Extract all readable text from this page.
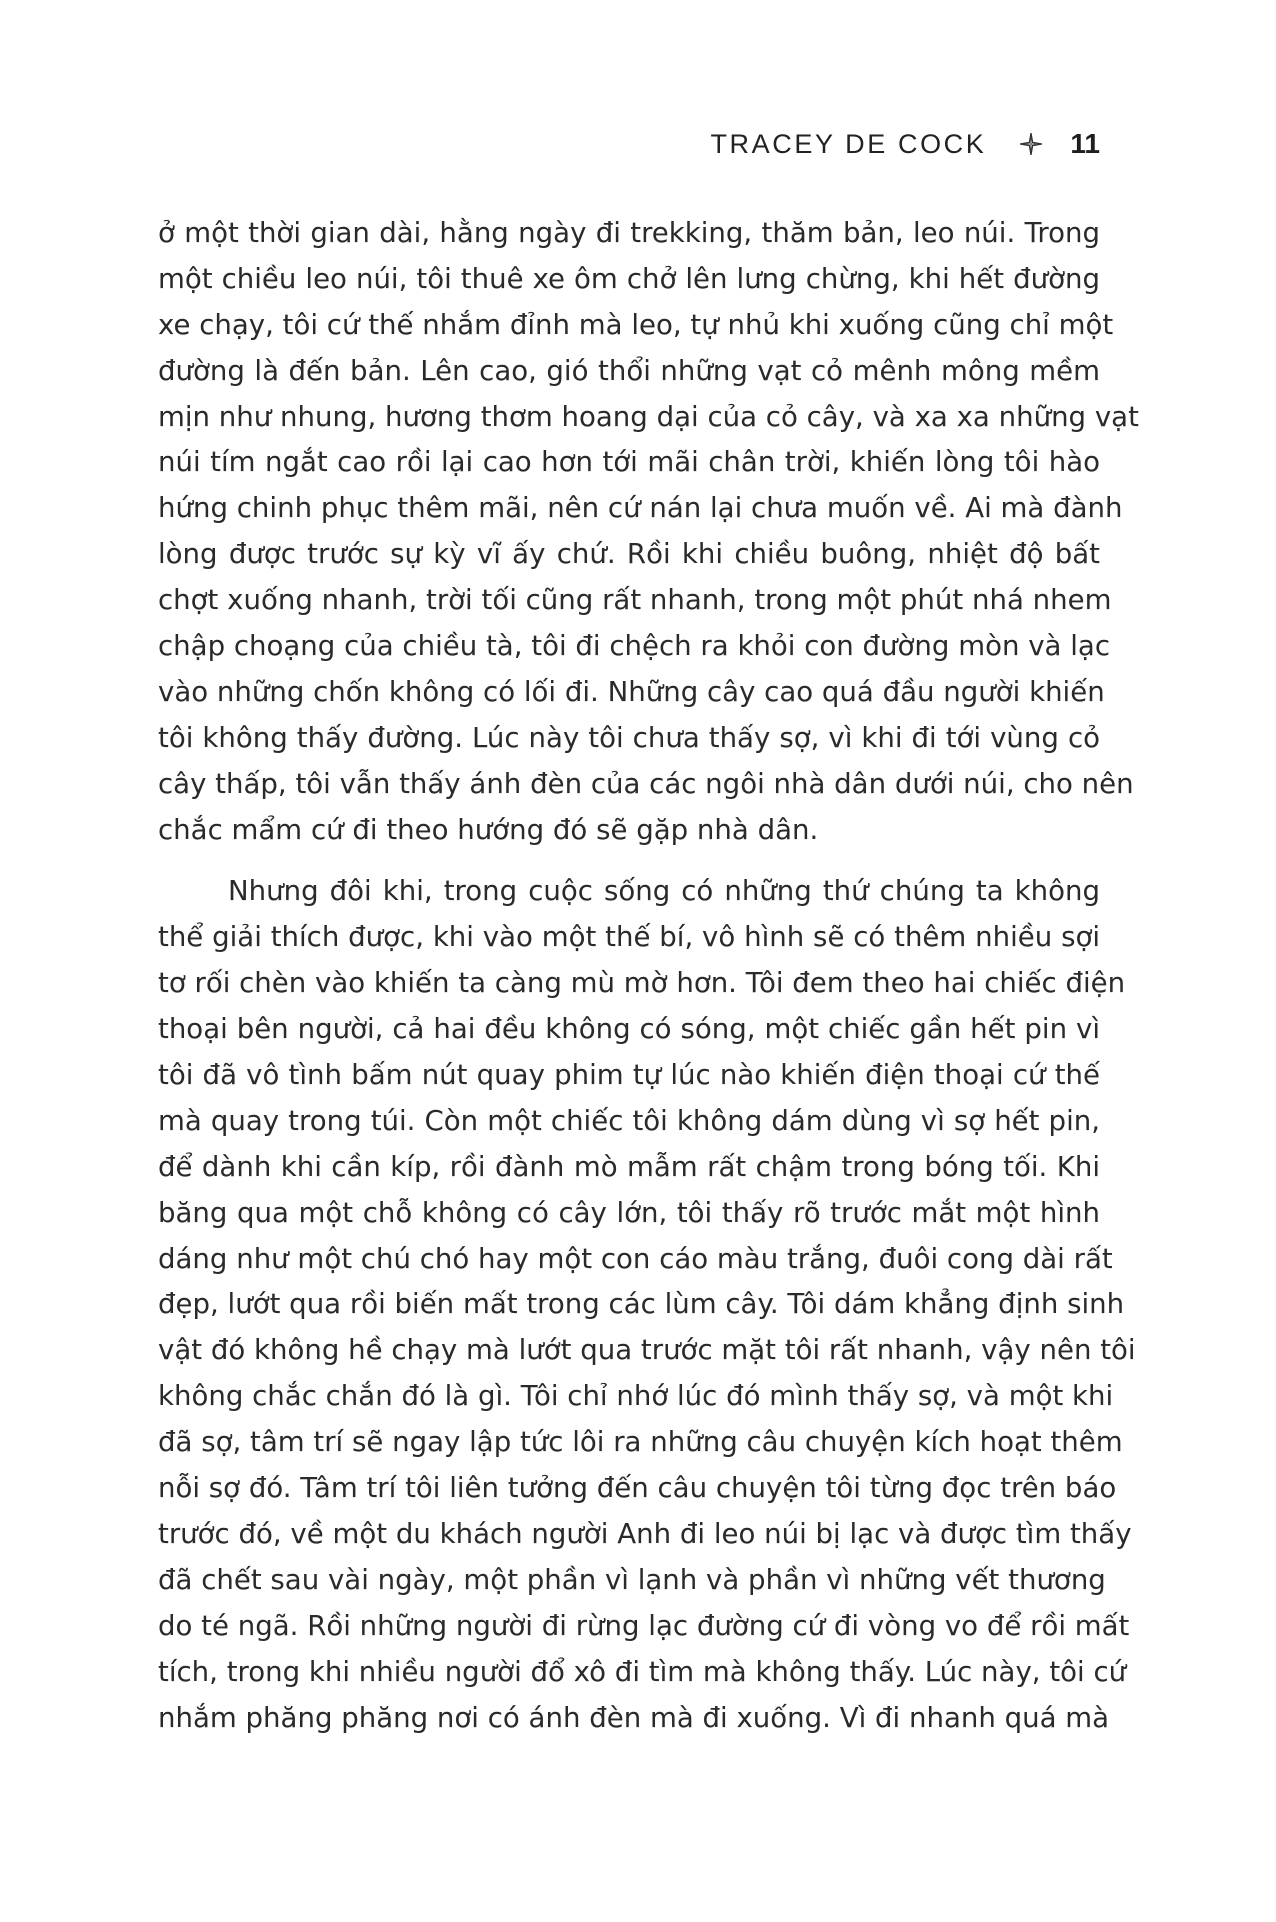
TRACEY DE COCK	11
ở một thời gian dài, hằng ngày đi trekking, thăm bản, leo núi. Trong
một chiều leo núi, tôi thuê xe ôm chở lên lưng chừng, khi hết đường
xe chạy, tôi cứ thế nhắm đỉnh mà leo, tự nhủ khi xuống cũng chỉ một
đường là đến bản. Lên cao, gió thổi những vạt cỏ mênh mông mềm
mịn như nhung, hương thơm hoang dại của cỏ cây, và xa xa những vạt
núi tím ngắt cao rồi lại cao hơn tới mãi chân trời, khiến lòng tôi hào
hứng chinh phục thêm mãi, nên cứ nán lại chưa muốn về. Ai mà đành
lòng được trước sự kỳ vĩ ấy chứ. Rồi khi chiều buông, nhiệt độ bất
chợt xuống nhanh, trời tối cũng rất nhanh, trong một phút nhá nhem
chập choạng của chiều tà, tôi đi chệch ra khỏi con đường mòn và lạc
vào những chốn không có lối đi. Những cây cao quá đầu người khiến
tôi không thấy đường. Lúc này tôi chưa thấy sợ, vì khi đi tới vùng cỏ
cây thấp, tôi vẫn thấy ánh đèn của các ngôi nhà dân dưới núi, cho nên
chắc mẩm cứ đi theo hướng đó sẽ gặp nhà dân.
Nhưng đôi khi, trong cuộc sống có những thứ chúng ta không
thể giải thích được, khi vào một thế bí, vô hình sẽ có thêm nhiều sợi
tơ rối chèn vào khiến ta càng mù mờ hơn. Tôi đem theo hai chiếc điện
thoại bên người, cả hai đều không có sóng, một chiếc gần hết pin vì
tôi đã vô tình bấm nút quay phim tự lúc nào khiến điện thoại cứ thế
mà quay trong túi. Còn một chiếc tôi không dám dùng vì sợ hết pin,
để dành khi cần kíp, rồi đành mò mẫm rất chậm trong bóng tối. Khi
băng qua một chỗ không có cây lớn, tôi thấy rõ trước mắt một hình
dáng như một chú chó hay một con cáo màu trắng, đuôi cong dài rất
đẹp, lướt qua rồi biến mất trong các lùm cây. Tôi dám khẳng định sinh
vật đó không hề chạy mà lướt qua trước mặt tôi rất nhanh, vậy nên tôi
không chắc chắn đó là gì. Tôi chỉ nhớ lúc đó mình thấy sợ, và một khi
đã sợ, tâm trí sẽ ngay lập tức lôi ra những câu chuyện kích hoạt thêm
nỗi sợ đó. Tâm trí tôi liên tưởng đến câu chuyện tôi từng đọc trên báo
trước đó, về một du khách người Anh đi leo núi bị lạc và được tìm thấy
đã chết sau vài ngày, một phần vì lạnh và phần vì những vết thương
do té ngã. Rồi những người đi rừng lạc đường cứ đi vòng vo để rồi mất
tích, trong khi nhiều người đổ xô đi tìm mà không thấy. Lúc này, tôi cứ
nhắm phăng phăng nơi có ánh đèn mà đi xuống. Vì đi nhanh quá mà
